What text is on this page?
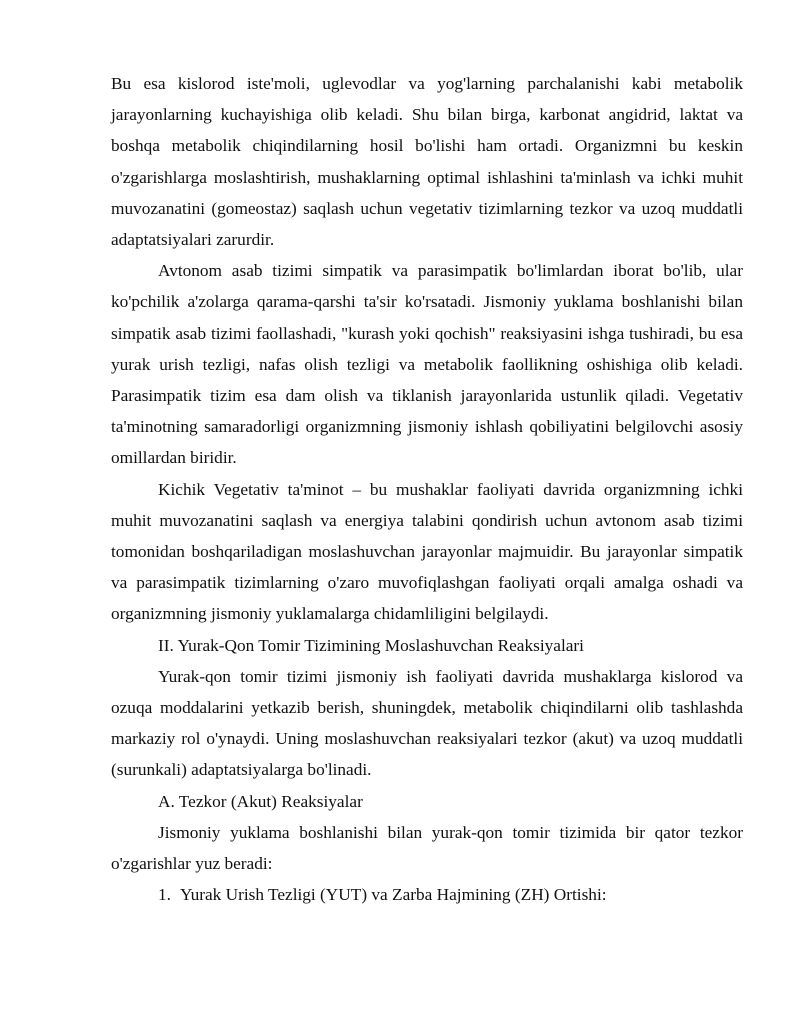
Bu esa kislorod iste'moli, uglevodlar va yog'larning parchalanishi kabi metabolik jarayonlarning kuchayishiga olib keladi. Shu bilan birga, karbonat angidrid, laktat va boshqa metabolik chiqindilarning hosil bo'lishi ham ortadi. Organizmni bu keskin o'zgarishlarga moslashtirish, mushaklarning optimal ishlashini ta'minlash va ichki muhit muvozanatini (gomeostaz) saqlash uchun vegetativ tizimlarning tezkor va uzoq muddatli adaptatsiyalari zarurdir.

Avtonom asab tizimi simpatik va parasimpatik bo'limlardan iborat bo'lib, ular ko'pchilik a'zolarga qarama-qarshi ta'sir ko'rsatadi. Jismoniy yuklama boshlanishi bilan simpatik asab tizimi faollashadi, "kurash yoki qochish" reaksiyasini ishga tushiradi, bu esa yurak urish tezligi, nafas olish tezligi va metabolik faollikning oshishiga olib keladi. Parasimpatik tizim esa dam olish va tiklanish jarayonlarida ustunlik qiladi. Vegetativ ta'minotning samaradorligi organizmning jismoniy ishlash qobiliyatini belgilovchi asosiy omillardan biridir.

Kichik Vegetativ ta'minot – bu mushaklar faoliyati davrida organizmning ichki muhit muvozanatini saqlash va energiya talabini qondirish uchun avtonom asab tizimi tomonidan boshqariladigan moslashuvchan jarayonlar majmuidir. Bu jarayonlar simpatik va parasimpatik tizimlarning o'zaro muvofiqlashgan faoliyati orqali amalga oshadi va organizmning jismoniy yuklamalarga chidamliligini belgilaydi.

II. Yurak-Qon Tomir Tizimining Moslashuvchan Reaksiyalari

Yurak-qon tomir tizimi jismoniy ish faoliyati davrida mushaklarga kislorod va ozuqa moddalarini yetkazib berish, shuningdek, metabolik chiqindilarni olib tashlashda markaziy rol o'ynaydi. Uning moslashuvchan reaksiyalari tezkor (akut) va uzoq muddatli (surunkali) adaptatsiyalarga bo'linadi.

A. Tezkor (Akut) Reaksiyalar

Jismoniy yuklama boshlanishi bilan yurak-qon tomir tizimida bir qator tezkor o'zgarishlar yuz beradi:

1. Yurak Urish Tezligi (YUT) va Zarba Hajmining (ZH) Ortishi:
